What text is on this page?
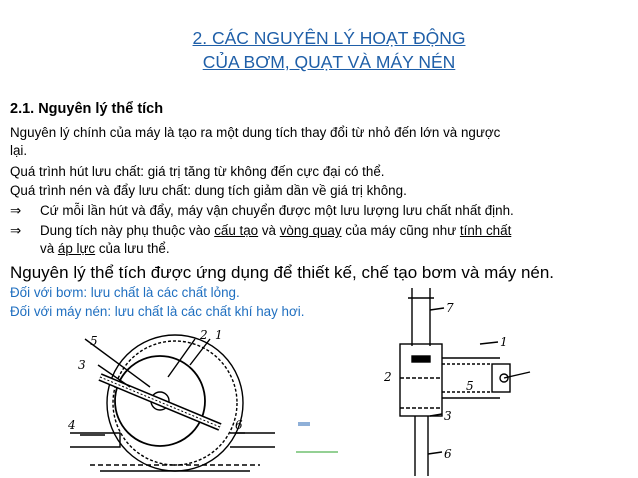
2. CÁC NGUYÊN LÝ HOẠT ĐỘNG
CỦA BƠM, QUẠT VÀ MÁY NÉN
2.1. Nguyên lý thể tích
Nguyên lý chính của máy là tạo ra một dung tích thay đổi từ nhỏ đến lớn và ngược
lại.
Quá trình hút lưu chất: giá trị tăng từ không đến cực đại có thể.
Quá trình nén và đẩy lưu chất: dung tích giảm dần về giá trị không.
⇒ Cứ mỗi lần hút và đẩy, máy vận chuyển được một lưu lượng lưu chất nhất định.
⇒ Dung tích này phụ thuộc vào cấu tạo và vòng quay của máy cũng như tính chất
và áp lực của lưu thể.
Nguyên lý thể tích được ứng dụng để thiết kế, chế tạo bơm và máy nén.
Đối với bơm: lưu chất là các chất lỏng.
Đối với máy nén: lưu chất là các chất khí hay hơi.
3
5	2 1
4	6
7
1
2
5
3
6
